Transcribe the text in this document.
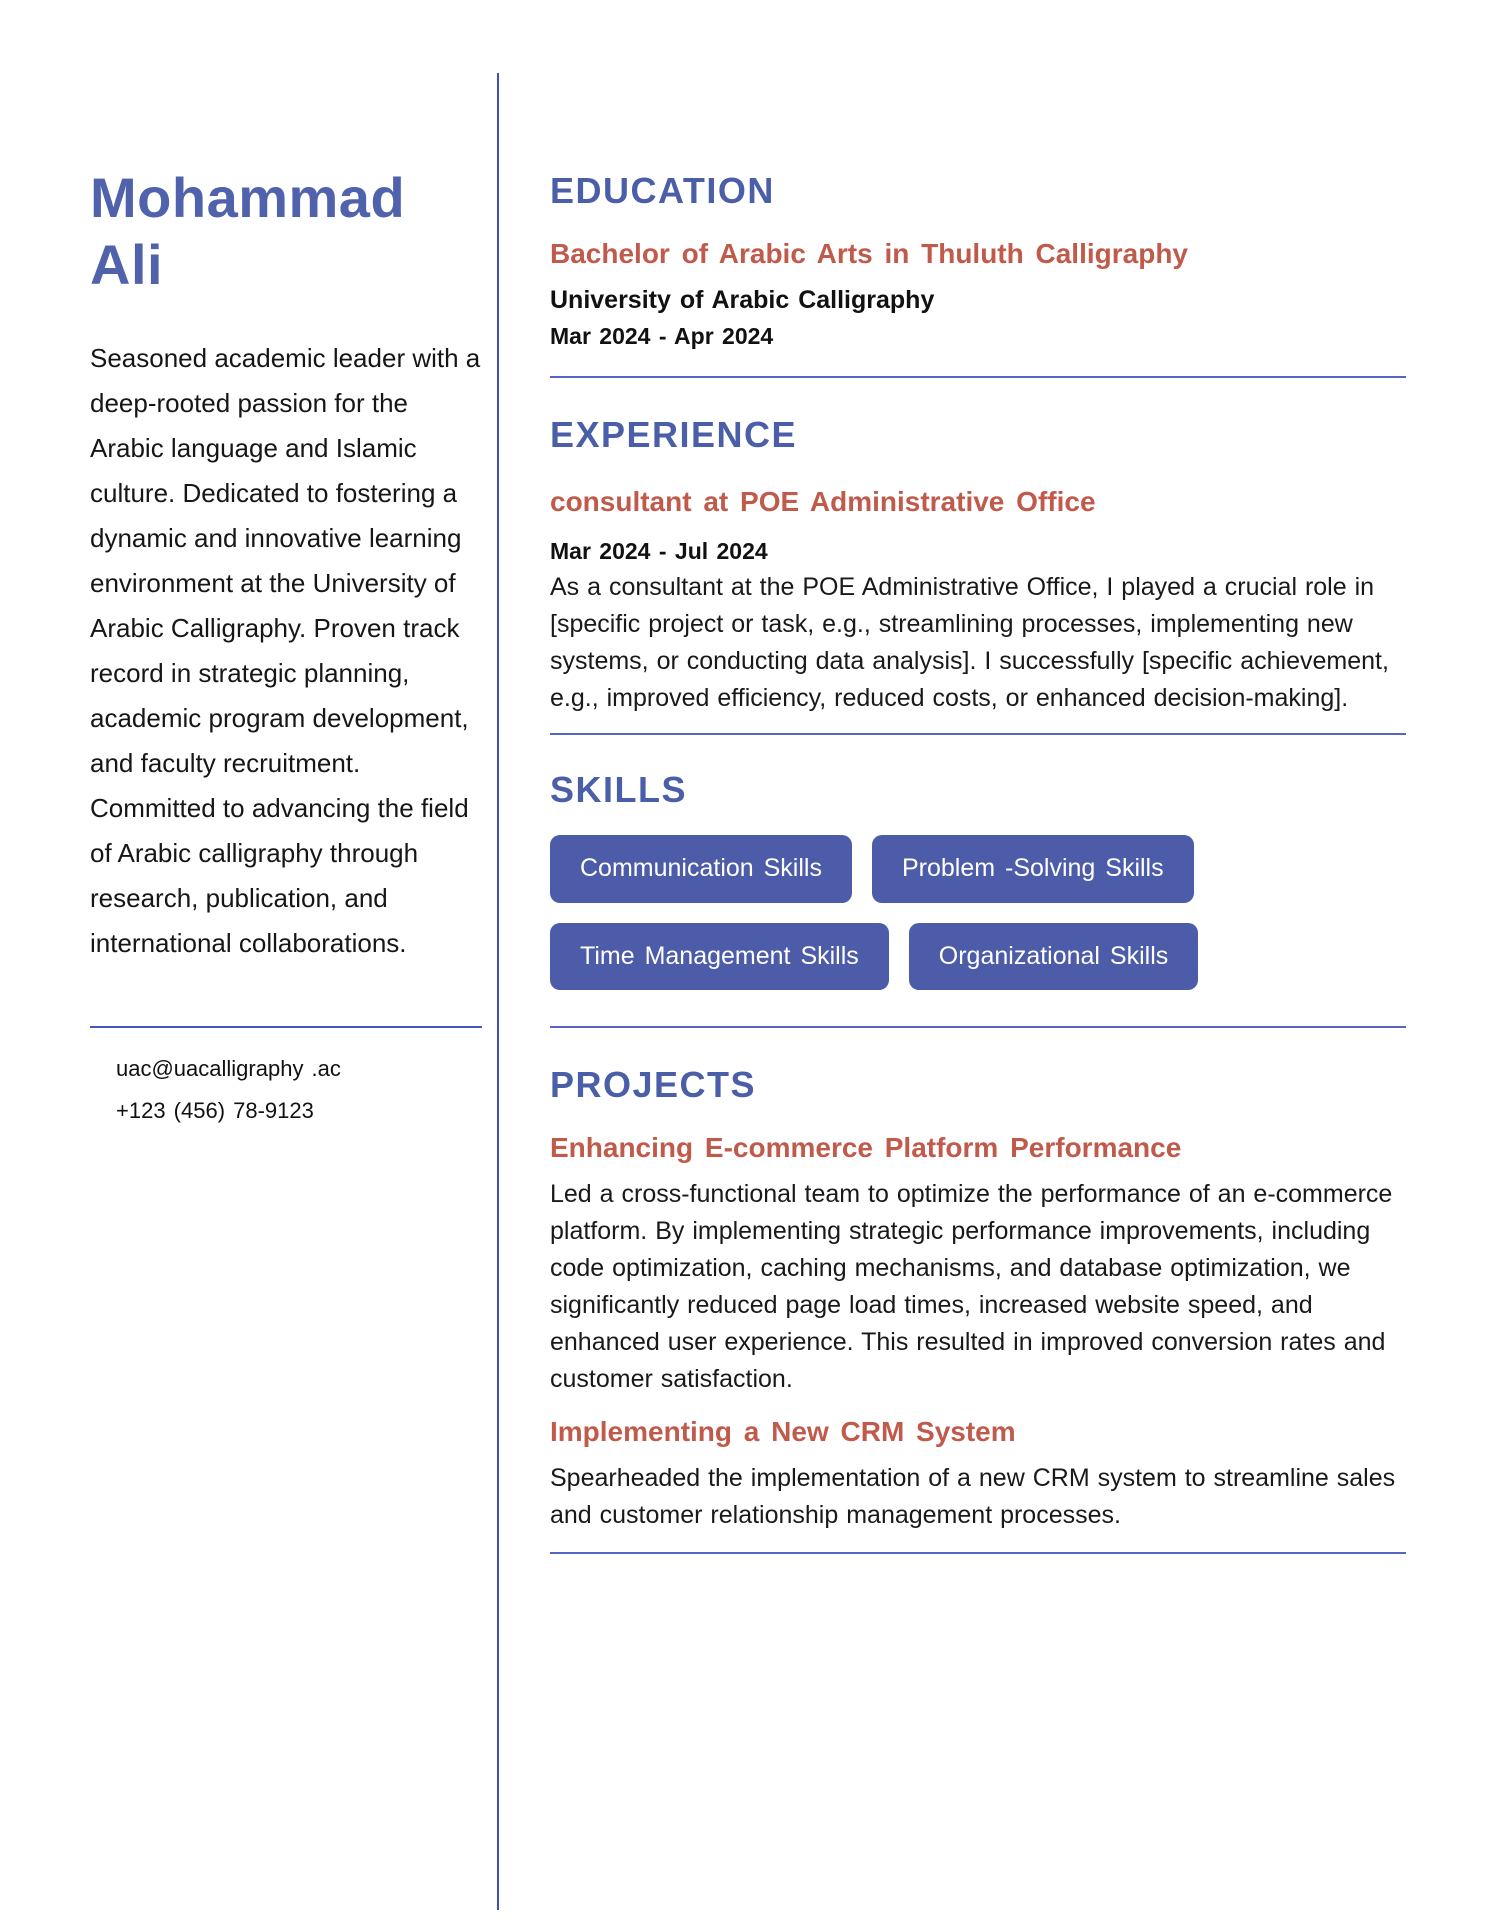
Mohammad Ali
Seasoned academic leader with a deep-rooted passion for the Arabic language and Islamic culture. Dedicated to fostering a dynamic and innovative learning environment at the University of Arabic Calligraphy. Proven track record in strategic planning, academic program development, and faculty recruitment. Committed to advancing the field of Arabic calligraphy through research, publication, and international collaborations.
uac@uacalligraphy .ac
+123 (456) 78-9123
EDUCATION
Bachelor of Arabic Arts in Thuluth Calligraphy
University of Arabic Calligraphy
Mar 2024 - Apr 2024
EXPERIENCE
consultant at POE Administrative Office
Mar 2024 - Jul 2024
As a consultant at the POE Administrative Office, I played a crucial role in [specific project or task, e.g., streamlining processes, implementing new systems, or conducting data analysis]. I successfully [specific achievement, e.g., improved efficiency, reduced costs, or enhanced decision-making].
SKILLS
Communication Skills	Problem -Solving Skills
Time Management Skills	Organizational Skills
PROJECTS
Enhancing E-commerce Platform Performance
Led a cross-functional team to optimize the performance of an e-commerce platform. By implementing strategic performance improvements, including code optimization, caching mechanisms, and database optimization, we significantly reduced page load times, increased website speed, and enhanced user experience. This resulted in improved conversion rates and customer satisfaction.
Implementing a New CRM System
Spearheaded the implementation of a new CRM system to streamline sales and customer relationship management processes.
